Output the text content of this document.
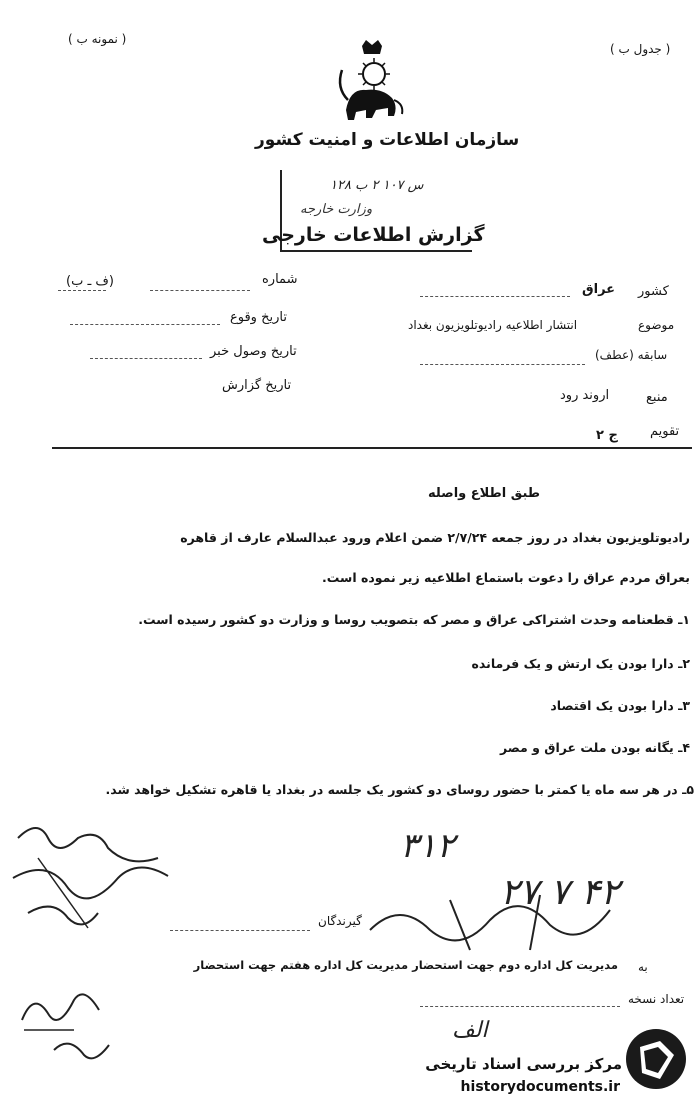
( نمونه ب )
( جدول ب )
سازمان اطلاعات و امنیت کشور
س ۱۰۷ ۲ ب ۱۲۸
وزارت خارجه
گزارش اطلاعات خارجی
شماره
(ف ـ ب)
تاریخ وقوع
تاریخ وصول خبر
تاریخ گزارش
کشور
عراق
موضوع
انتشار اطلاعیه رادیوتلویزیون بغداد
سابقه (عطف)
منبع
اروند رود
تقویم
ج ۲
طبق اطلاع واصله
رادیوتلویزیون بغداد در روز جمعه ۲/۷/۲۴ ضمن اعلام ورود عبدالسلام عارف از قاهره
بعراق مردم عراق را دعوت باستماع اطلاعیه زیر نموده است.
۱ـ قطعنامه وحدت اشتراکی عراق و مصر که بتصویب روسا و وزارت دو کشور رسیده است.
۲ـ دارا بودن یک ارتش و یک فرمانده
۳ـ دارا بودن یک اقتصاد
۴ـ یگانه بودن ملت عراق و مصر
۵ـ در هر سه ماه یا کمتر با حضور روسای دو کشور یک جلسه در بغداد یا قاهره تشکیل خواهد شد.
۳۱۲
۲۷ ۷ ۴۲
گیرندگان
به
مدیریت کل اداره دوم جهت استحضار مدیریت کل اداره هفتم جهت استحضار
تعداد نسخه
الف
مرکز بررسی اسناد تاریخی
historydocuments.ir
